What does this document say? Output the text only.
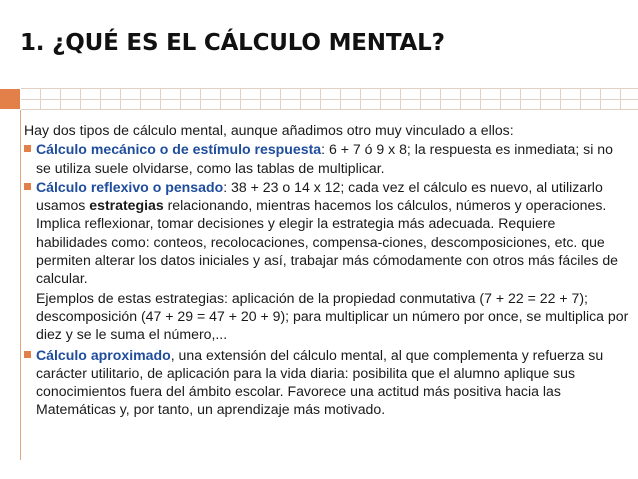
1. ¿QUÉ ES EL CÁLCULO MENTAL?

Hay dos tipos de cálculo mental, aunque añadimos otro muy vinculado a ellos:

Cálculo mecánico o de estímulo respuesta: 6 + 7 ó 9 x 8; la respuesta es inmediata; si no se utiliza suele olvidarse, como las tablas de multiplicar.
Cálculo reflexivo o pensado: 38 + 23 o 14 x 12; cada vez el cálculo es nuevo, al utilizarlo usamos estrategias relacionando, mientras hacemos los cálculos, números y operaciones. Implica reflexionar, tomar decisiones y elegir la estrategia más adecuada. Requiere habilidades como: conteos, recolocaciones, compensa-ciones, descomposiciones, etc. que permiten alterar los datos iniciales y así, trabajar más cómodamente con otros más fáciles de calcular.

Ejemplos de estas estrategias: aplicación de la propiedad conmutativa (7 + 22 = 22 + 7); descomposición (47 + 29 = 47 + 20 + 9); para multiplicar un número por once, se multiplica por diez y se le suma el número,...

Cálculo aproximado, una extensión del cálculo mental, al que complementa y refuerza su carácter utilitario, de aplicación para la vida diaria: posibilita que el alumno aplique sus conocimientos fuera del ámbito escolar. Favorece una actitud más positiva hacia las Matemáticas y, por tanto, un aprendizaje más motivado.
